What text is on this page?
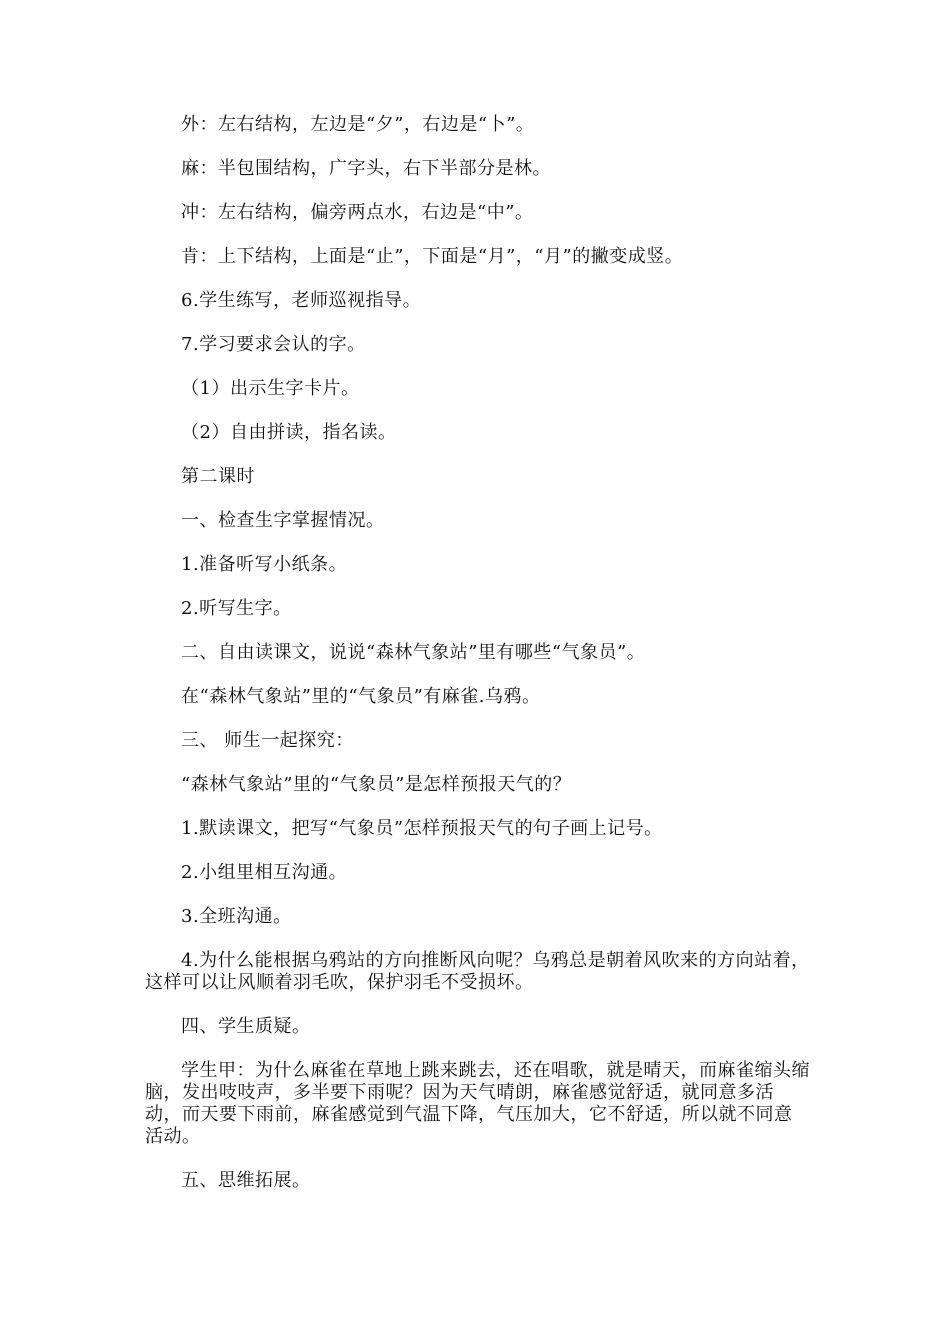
外：左右结构，左边是“夕”，右边是“卜”。

麻：半包围结构，广字头，右下半部分是林。

冲：左右结构，偏旁两点水，右边是“中”。

肯：上下结构，上面是“止”，下面是“月”，“月”的撇变成竖。

6.学生练写，老师巡视指导。

7.学习要求会认的字。

（1）出示生字卡片。

（2）自由拼读，指名读。

第二课时

一、检查生字掌握情况。

1.准备听写小纸条。

2.听写生字。

二、自由读课文，说说“森林气象站”里有哪些“气象员”。

在“森林气象站”里的“气象员”有麻雀.乌鸦。

三、 师生一起探究：

“森林气象站”里的“气象员”是怎样预报天气的？

1.默读课文，把写“气象员”怎样预报天气的句子画上记号。

2.小组里相互沟通。

3.全班沟通。

4.为什么能根据乌鸦站的方向推断风向呢？乌鸦总是朝着风吹来的方向站着，这样可以让风顺着羽毛吹，保护羽毛不受损坏。

四、学生质疑。

学生甲：为什么麻雀在草地上跳来跳去，还在唱歌，就是晴天，而麻雀缩头缩脑，发出吱吱声，多半要下雨呢？因为天气晴朗，麻雀感觉舒适，就同意多活动，而天要下雨前，麻雀感觉到气温下降，气压加大，它不舒适，所以就不同意活动。

五、思维拓展。
